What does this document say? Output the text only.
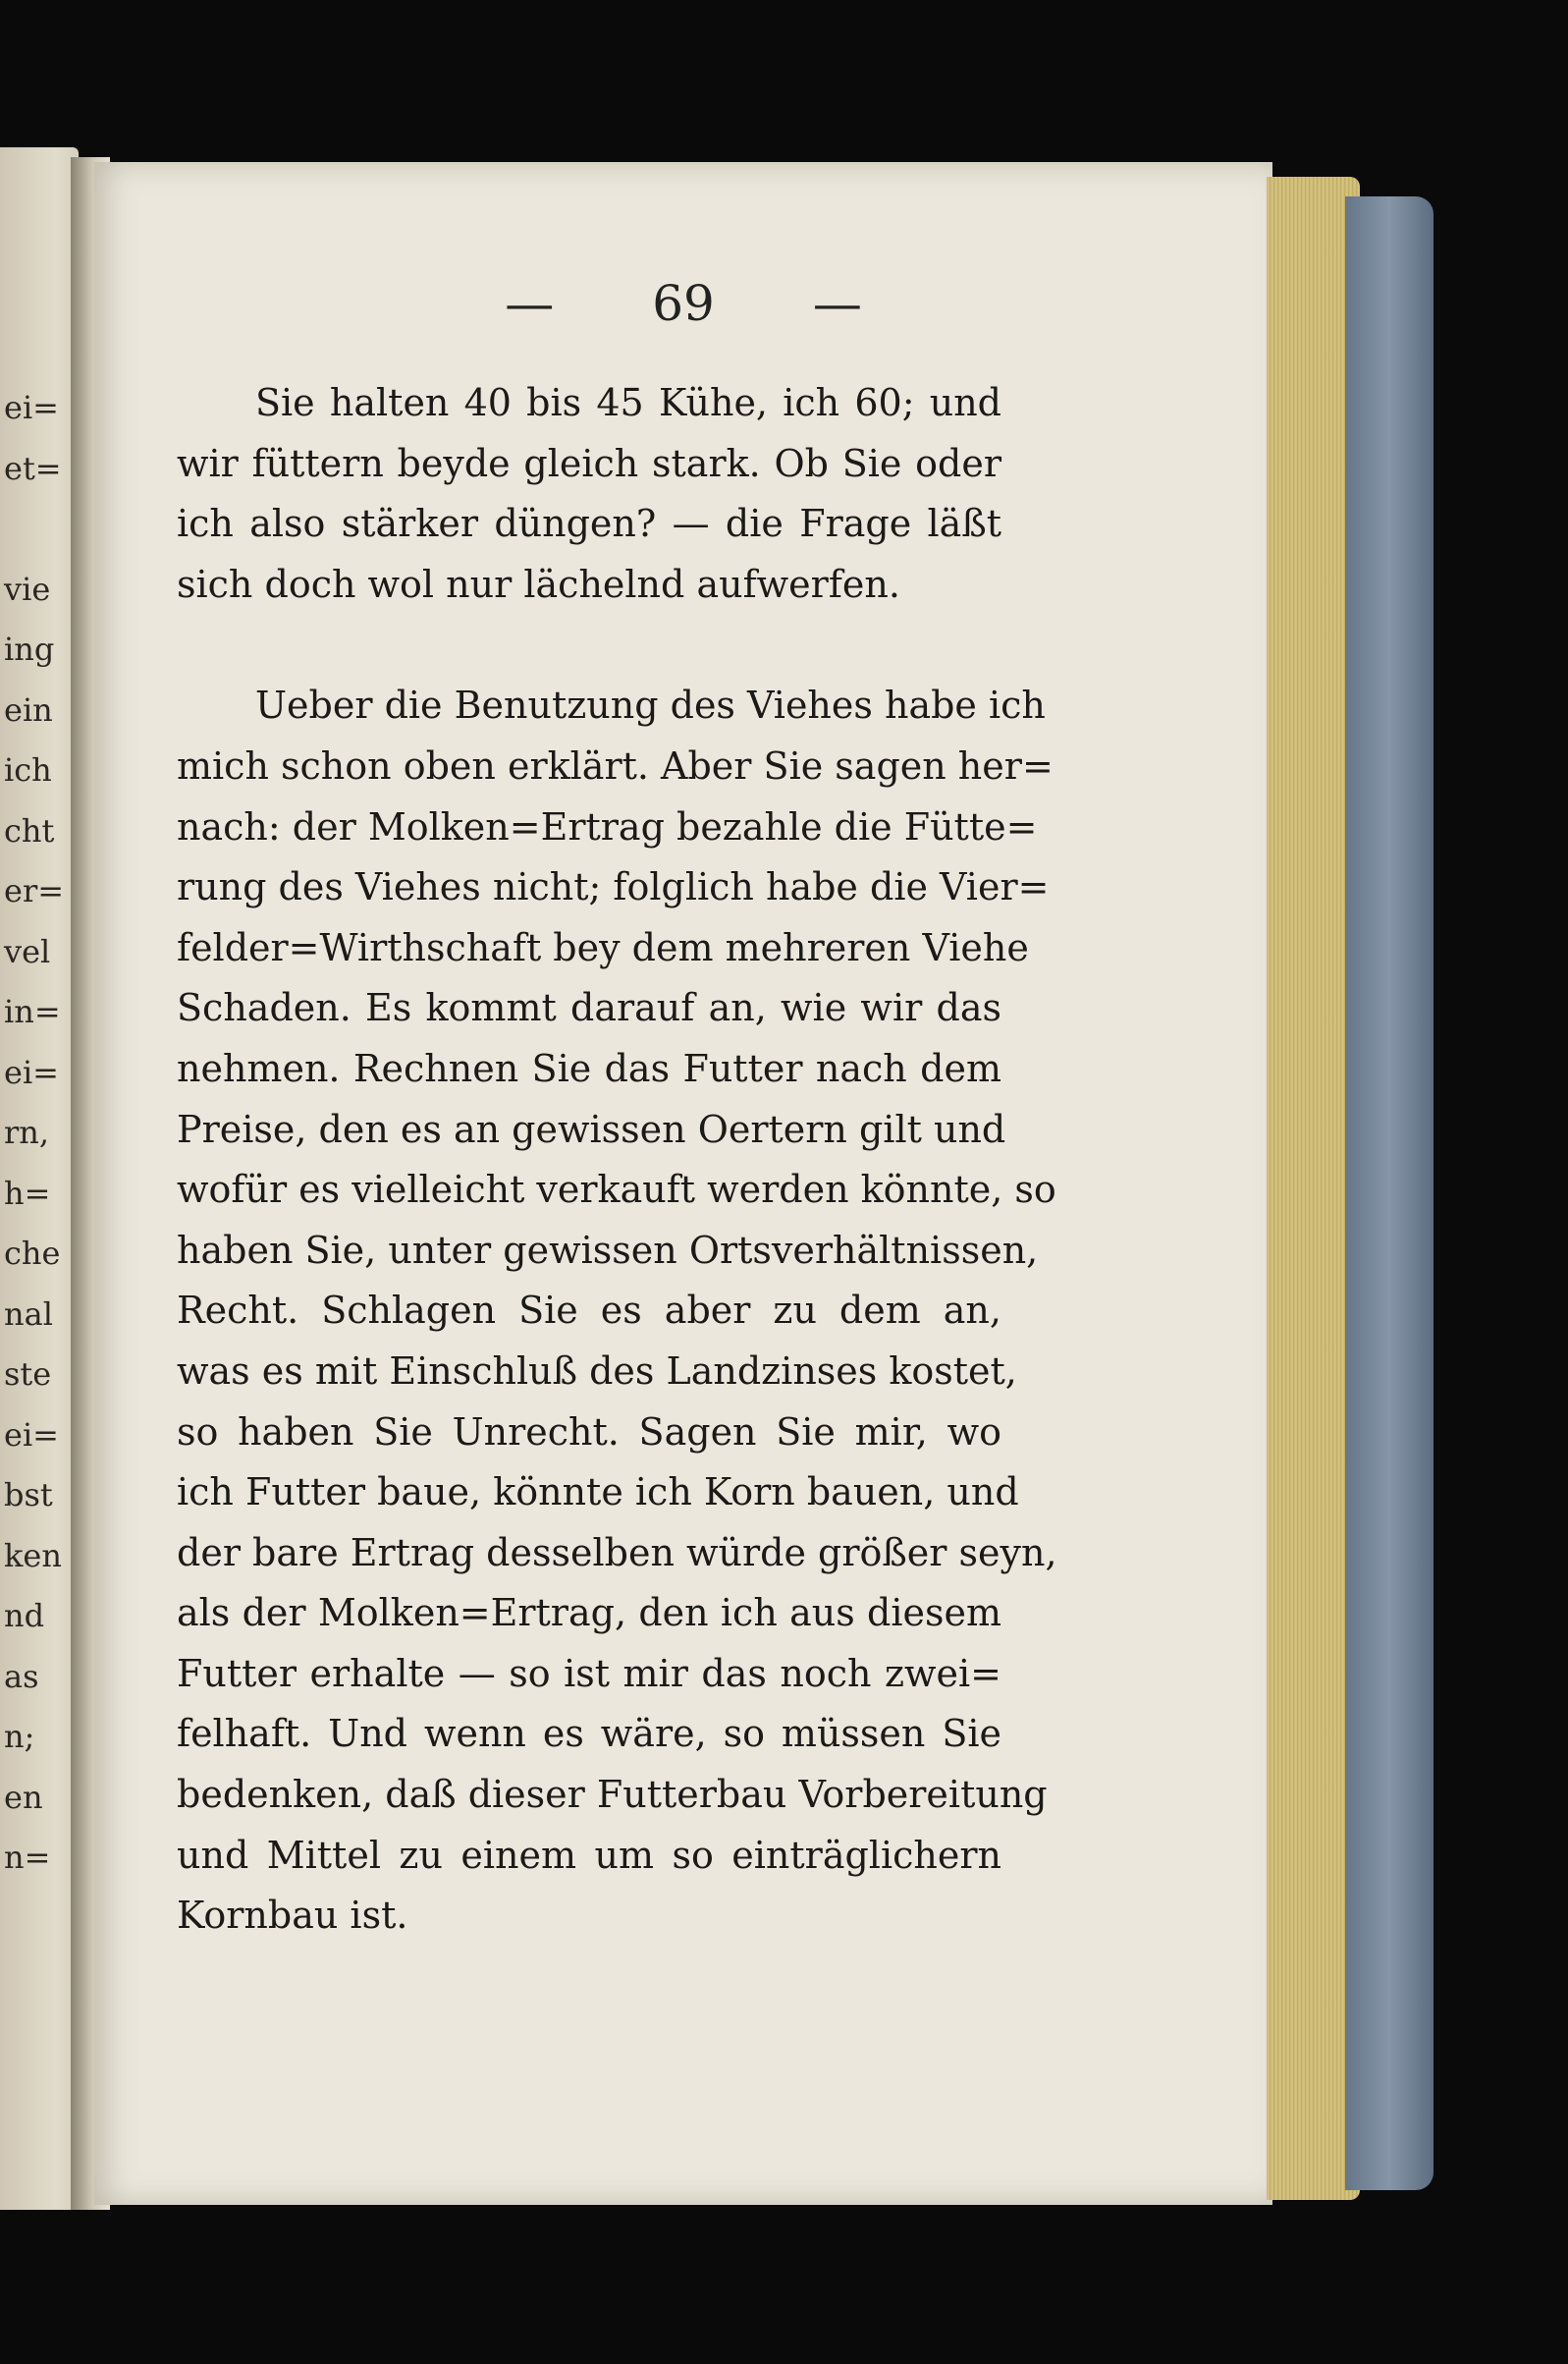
ei=
et=
vie
ing
ein
ich
cht
er=
vel
in=
ei=
rn,
h=
che
nal
ste
ei=
bst
ken
nd
as
n;
en
n=
— 69 —
Sie halten 40 bis 45 Kühe, ich 60; und
wir füttern beyde gleich stark. Ob Sie oder
ich also stärker düngen? — die Frage läßt
sich doch wol nur lächelnd aufwerfen.
Ueber die Benutzung des Viehes habe ich
mich schon oben erklärt. Aber Sie sagen her=
nach: der Molken=Ertrag bezahle die Fütte=
rung des Viehes nicht; folglich habe die Vier=
felder=Wirthschaft bey dem mehreren Viehe
Schaden. Es kommt darauf an, wie wir das
nehmen. Rechnen Sie das Futter nach dem
Preise, den es an gewissen Oertern gilt und
wofür es vielleicht verkauft werden könnte, so
haben Sie, unter gewissen Ortsverhältnissen,
Recht. Schlagen Sie es aber zu dem an,
was es mit Einschluß des Landzinses kostet,
so haben Sie Unrecht. Sagen Sie mir, wo
ich Futter baue, könnte ich Korn bauen, und
der bare Ertrag desselben würde größer seyn,
als der Molken=Ertrag, den ich aus diesem
Futter erhalte — so ist mir das noch zwei=
felhaft. Und wenn es wäre, so müssen Sie
bedenken, daß dieser Futterbau Vorbereitung
und Mittel zu einem um so einträglichern
Kornbau ist.
